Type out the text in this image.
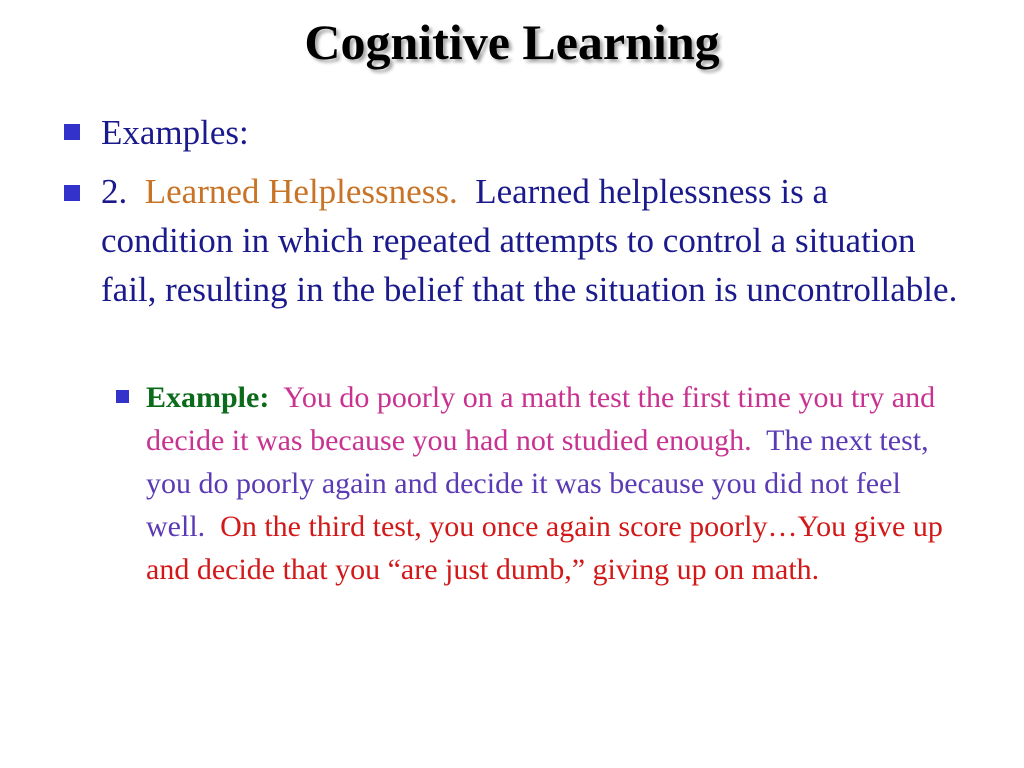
Cognitive Learning
Examples:
2. Learned Helplessness. Learned helplessness is a condition in which repeated attempts to control a situation fail, resulting in the belief that the situation is uncontrollable.
Example: You do poorly on a math test the first time you try and decide it was because you had not studied enough. The next test, you do poorly again and decide it was because you did not feel well. On the third test, you once again score poorly…You give up and decide that you “are just dumb,” giving up on math.
